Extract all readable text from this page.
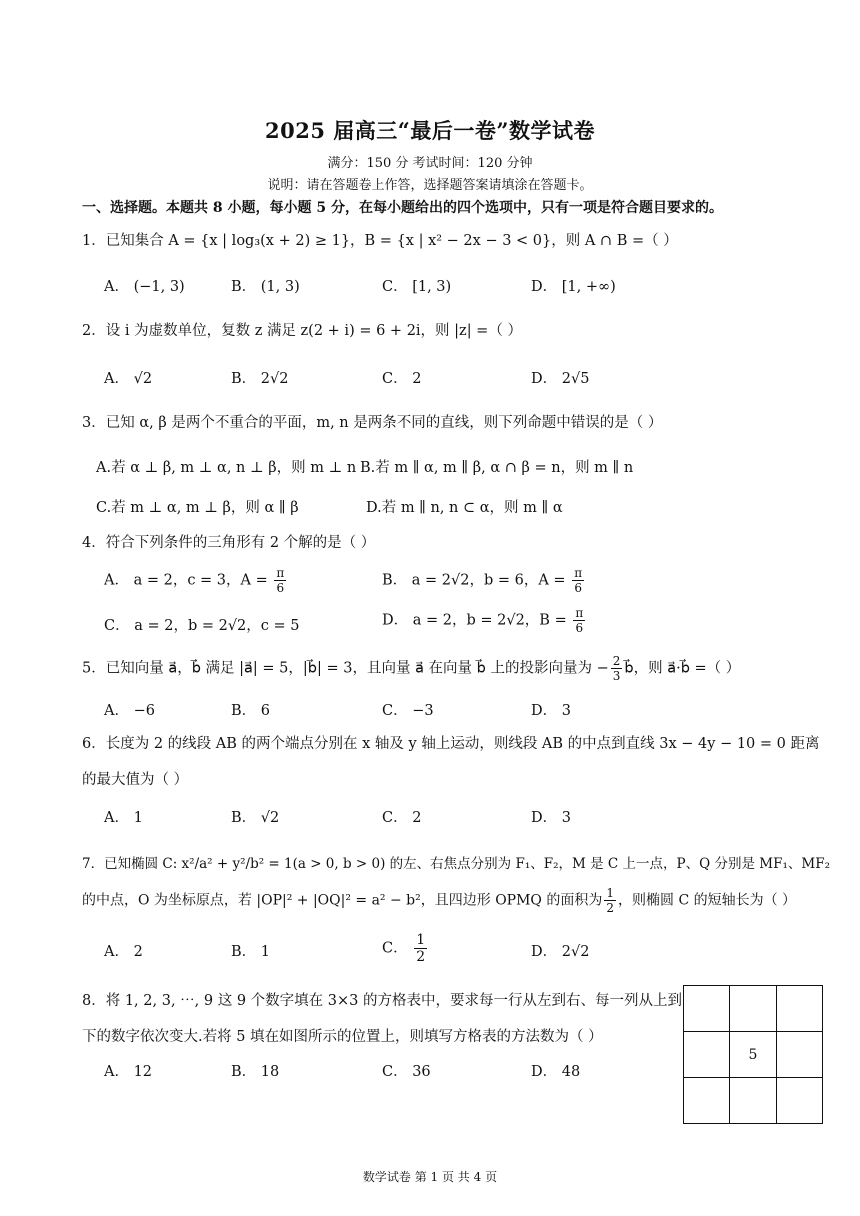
2025 届高三“最后一卷”数学试卷
满分：150 分 考试时间：120 分钟
说明：请在答题卷上作答，选择题答案请填涂在答题卡。
一、选择题。本题共 8 小题，每小题 5 分，在每小题给出的四个选项中，只有一项是符合题目要求的。
1．已知集合 A = {x | log₃(x + 2) ≥ 1}，B = {x | x² − 2x − 3 < 0}，则 A ∩ B =（ ）
A． (−1, 3)	B． (1, 3)	C． [1, 3)	D． [1, +∞)
2．设 i 为虚数单位，复数 z 满足 z(2 + i) = 6 + 2i，则 |z| =（ ）
A． √2	B． 2√2	C． 2	D． 2√5
3．已知 α, β 是两个不重合的平面，m, n 是两条不同的直线，则下列命题中错误的是（ ）
A.若 α ⊥ β, m ⊥ α, n ⊥ β，则 m ⊥ n B.若 m ∥ α, m ∥ β, α ∩ β = n，则 m ∥ n
C.若 m ⊥ α, m ⊥ β，则 α ∥ β	D.若 m ∥ n, n ⊂ α，则 m ∥ α
4．符合下列条件的三角形有 2 个解的是（ ）
A． a = 2，c = 3，$A = \frac{\pi}{6}$	B． a = 2√2，b = 6，$A = \frac{\pi}{6}$
C． a = 2，b = 2√2，c = 5	D． a = 2，b = 2√2，$B = \frac{\pi}{6}$
5．已知向量 a⃗，b⃗ 满足 |a⃗| = 5，|b⃗| = 3，且向量 a⃗ 在向量 b⃗ 上的投影向量为 − $\frac{2}{3}$ b⃗，则 a⃗·b⃗ =（ ）
A． −6	B． 6	C． −3	D． 3
6．长度为 2 的线段 AB 的两个端点分别在 x 轴及 y 轴上运动，则线段 AB 的中点到直线 3x − 4y − 10 = 0 距离
的最大值为（ ）
A． 1	B． √2	C． 2	D． 3
7．已知椭圆 C: x²/a² + y²/b² = 1(a > 0, b > 0) 的左、右焦点分别为 F₁、F₂，M 是 C 上一点，P、Q 分别是 MF₁、MF₂
的中点，O 为坐标原点，若 |OP|² + |OQ|² = a² − b²，且四边形 OPMQ 的面积为 $\frac{1}{2}$ ，则椭圆 C 的短轴长为（ ）
A． 2	B． 1	C． $\frac{1}{2}$	D． 2√2
8．将 1, 2, 3, ⋯, 9 这 9 个数字填在 3×3 的方格表中，要求每一行从左到右、每一列从上到
下的数字依次变大.若将 5 填在如图所示的位置上，则填写方格表的方法数为（ ）
A． 12	B． 18	C． 36	D． 48

	5	

数学试卷 第 1 页 共 4 页
